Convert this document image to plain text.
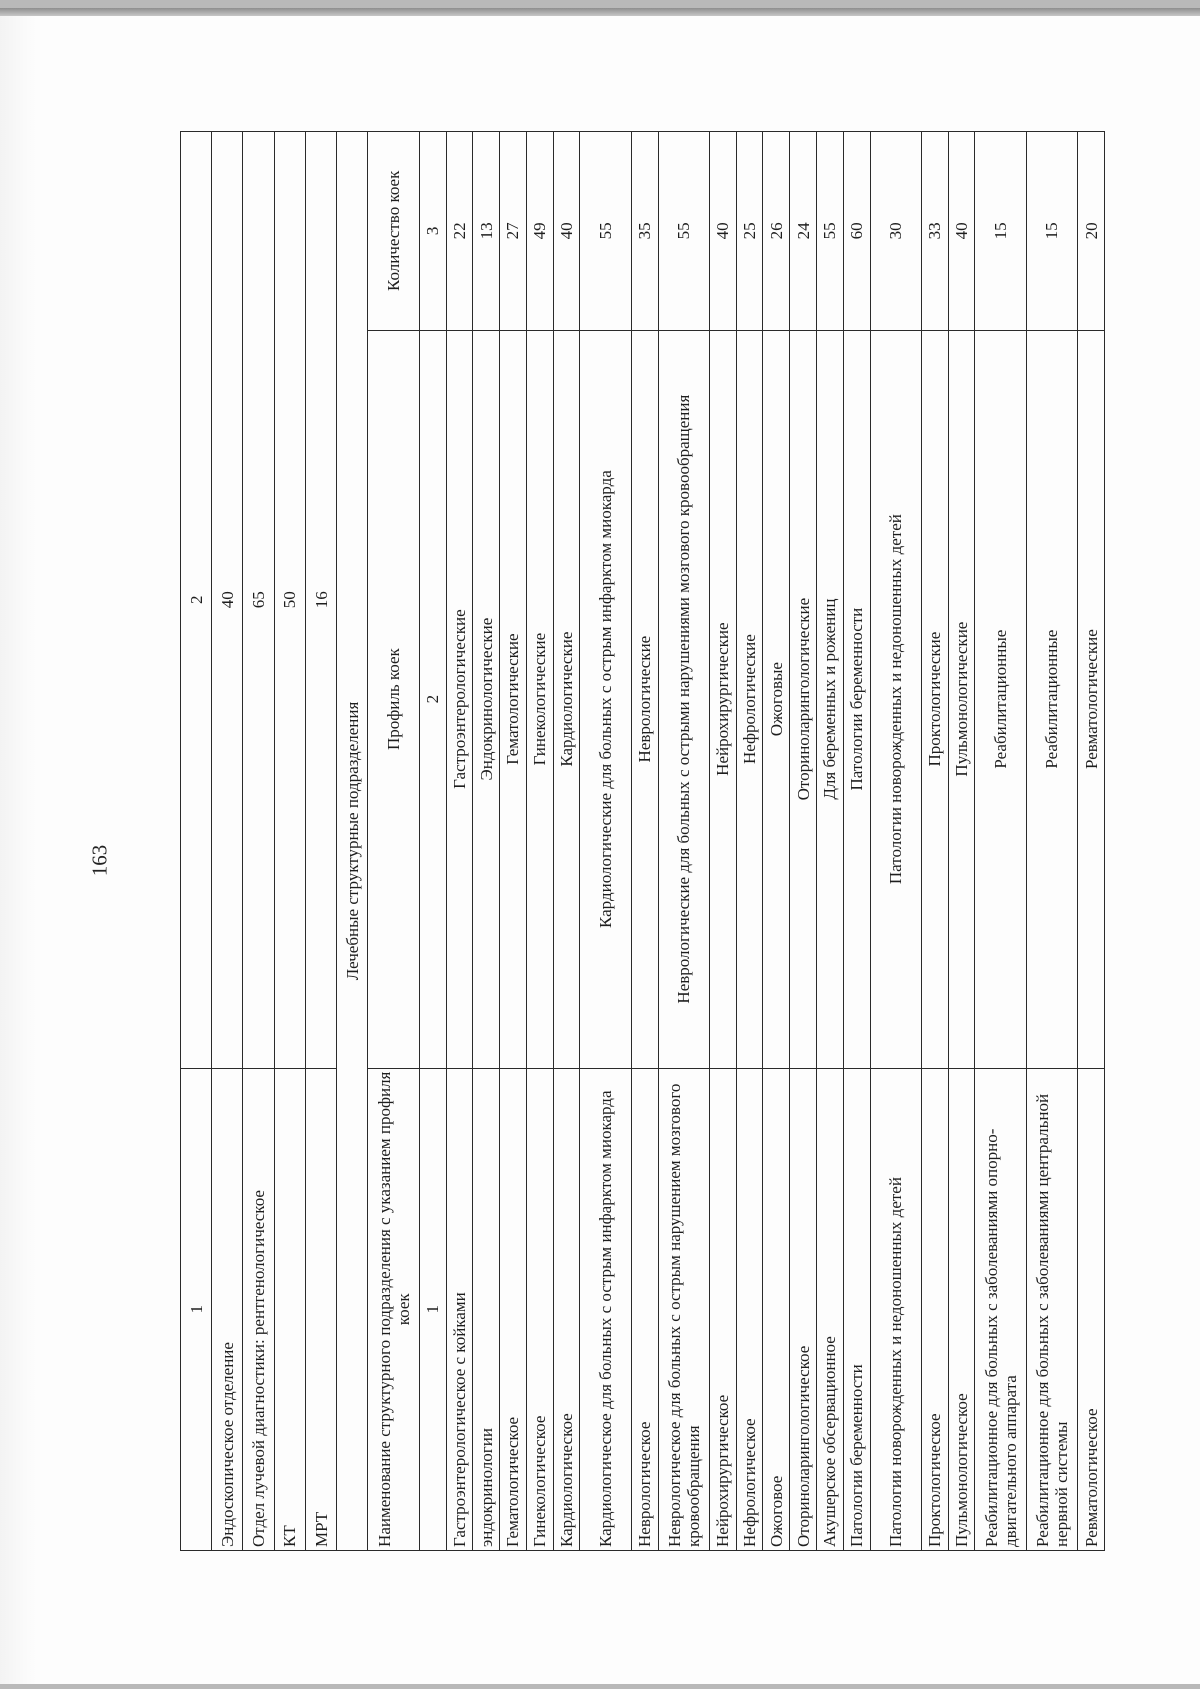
163
1	2	
Эндоскопическое отделение	40	
Отдел лучевой диагностики: рентгенологическое	65	
КТ	50	
МРТ	16	
Лечебные структурные подразделения		
Наименование структурного подразделения с указанием профиля коек	Профиль коек	Количество коек
1	2	3
Гастроэнтерологическое с койками	Гастроэнтерологические	22
эндокринологии	Эндокринологические	13
Гематологическое	Гематологические	27
Гинекологическое	Гинекологические	49
Кардиологическое	Кардиологические	40
Кардиологическое для больных с острым инфарктом миокарда	Кардиологические для больных с острым инфарктом миокарда	55
Неврологическое	Неврологические	35
Неврологическое для больных с острым нарушением мозгового кровообращения	Неврологические для больных с острыми нарушениями мозгового кровообращения	55
Нейрохирургическое	Нейрохирургические	40
Нефрологическое	Нефрологические	25
Ожоговое	Ожоговые	26
Оториноларингологическое	Оториноларингологические	24
Акушерское обсервационное	Для беременных и рожениц	55
Патологии беременности	Патологии беременности	60
Патологии новорожденных и недоношенных детей	Патологии новорожденных и недоношенных детей	30
Проктологическое	Проктологические	33
Пульмонологическое	Пульмонологические	40
Реабилитационное для больных с заболеваниями опорно-двигательного аппарата	Реабилитационные	15
Реабилитационное для больных с заболеваниями центральной нервной системы	Реабилитационные	15
Ревматологическое	Ревматологические	20
